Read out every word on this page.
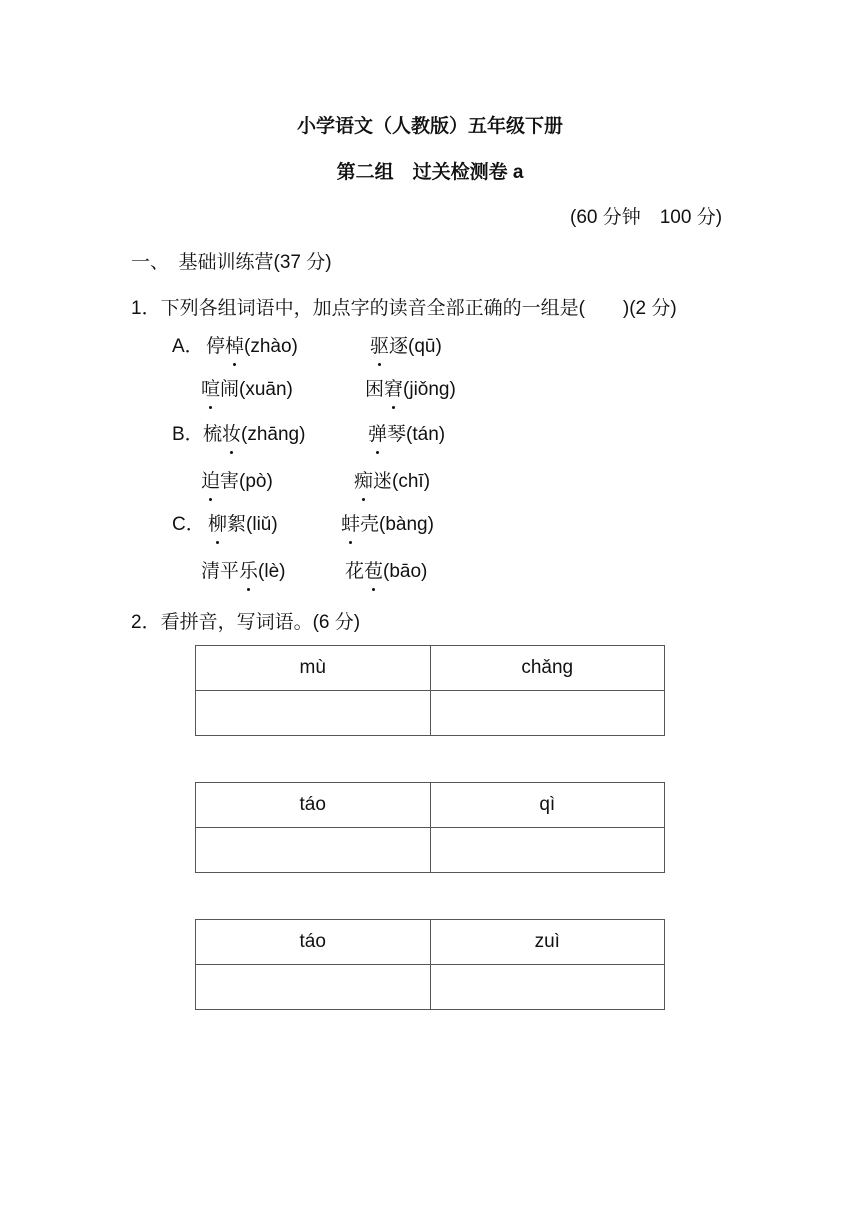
小学语文（人教版）五年级下册
第二组　过关检测卷 a
(60 分钟　100 分)
一、　基础训练营(37 分)
1．下列各组词语中，加点字的读音全部正确的一组是(　　)(2 分)
A． 停棹(zhào)	驱逐(qū)
喧闹(xuān)	困窘(jiǒng)
B． 梳妆(zhāng)	弹琴(tán)
迫害(pò)	痴迷(chī)
C． 柳絮(liǔ)	蚌壳(bàng)
清平乐(lè)	花苞(bāo)
2．看拼音，写词语。(6 分)
mù	chǎng

táo	qì

táo	zuì
